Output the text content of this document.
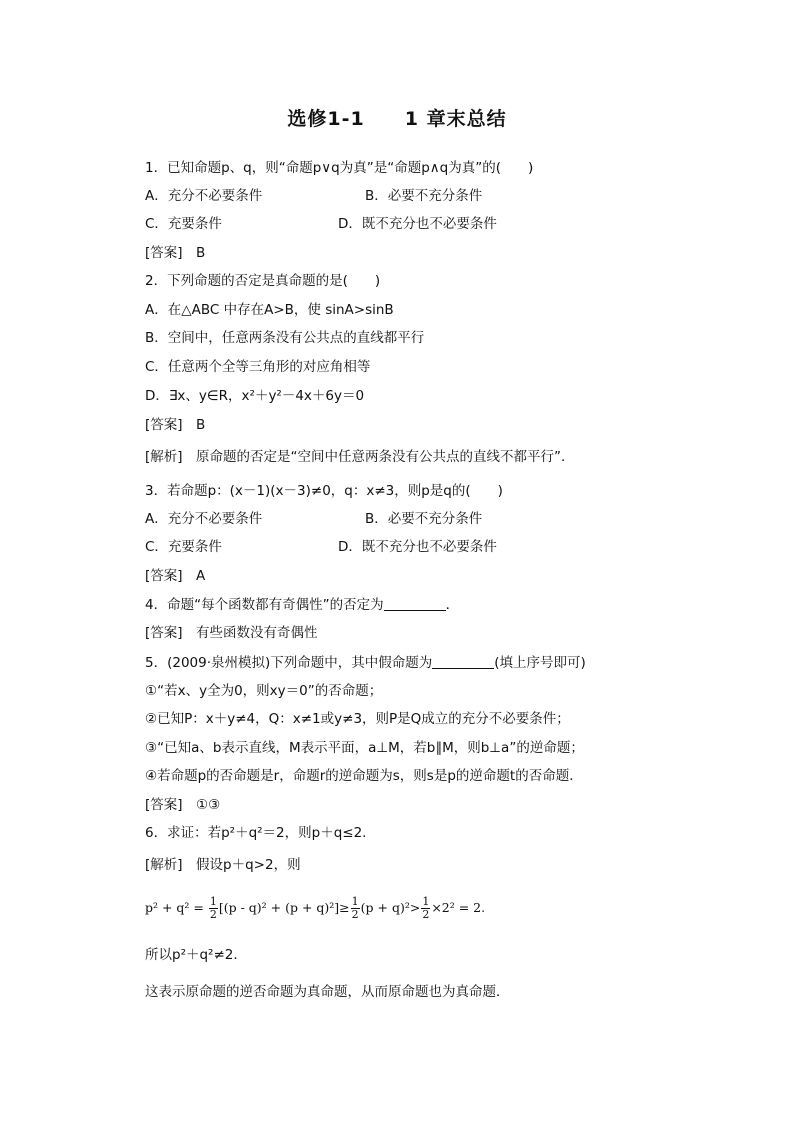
选修1-1 1 章末总结
1．已知命题p、q，则“命题p∨q为真”是“命题p∧q为真”的(　　)
A．充分不必要条件	B．必要不充分条件
C．充要条件	D．既不充分也不必要条件
[答案]　B
2．下列命题的否定是真命题的是(　　)
A．在△ABC 中存在A>B，使 sinA>sinB
B．空间中，任意两条没有公共点的直线都平行
C．任意两个全等三角形的对应角相等
D．∃x、y∈R，x²＋y²－4x＋6y＝0
[答案]　B
[解析]　原命题的否定是“空间中任意两条没有公共点的直线不都平行”．
3．若命题p：(x－1)(x－3)≠0，q：x≠3，则p是q的(　　)
A．充分不必要条件	B．必要不充分条件
C．充要条件	D．既不充分也不必要条件
[答案]　A
4．命题“每个函数都有奇偶性”的否定为	．
[答案]　有些函数没有奇偶性
5．(2009·泉州模拟)下列命题中，其中假命题为	(填上序号即可)
①“若x、y全为0，则xy＝0”的否命题；
②已知P：x＋y≠4，Q：x≠1或y≠3，则P是Q成立的充分不必要条件；
③“已知a、b表示直线，M表示平面，a⊥M，若b∥M，则b⊥a”的逆命题；
④若命题p的否命题是r，命题r的逆命题为s，则s是p的逆命题t的否命题．
[答案]　①③
6．求证：若p²＋q²＝2，则p＋q≤2.
[解析]　假设p＋q>2，则
$p^2 + q^2 = \frac{1}{2} [(p - q)^2 + (p + q)^2]\ge \frac{1}{2} (p + q)^2> \frac{1}{2} \times 2^2 = 2$.
所以p²＋q²≠2.
这表示原命题的逆否命题为真命题，从而原命题也为真命题．
